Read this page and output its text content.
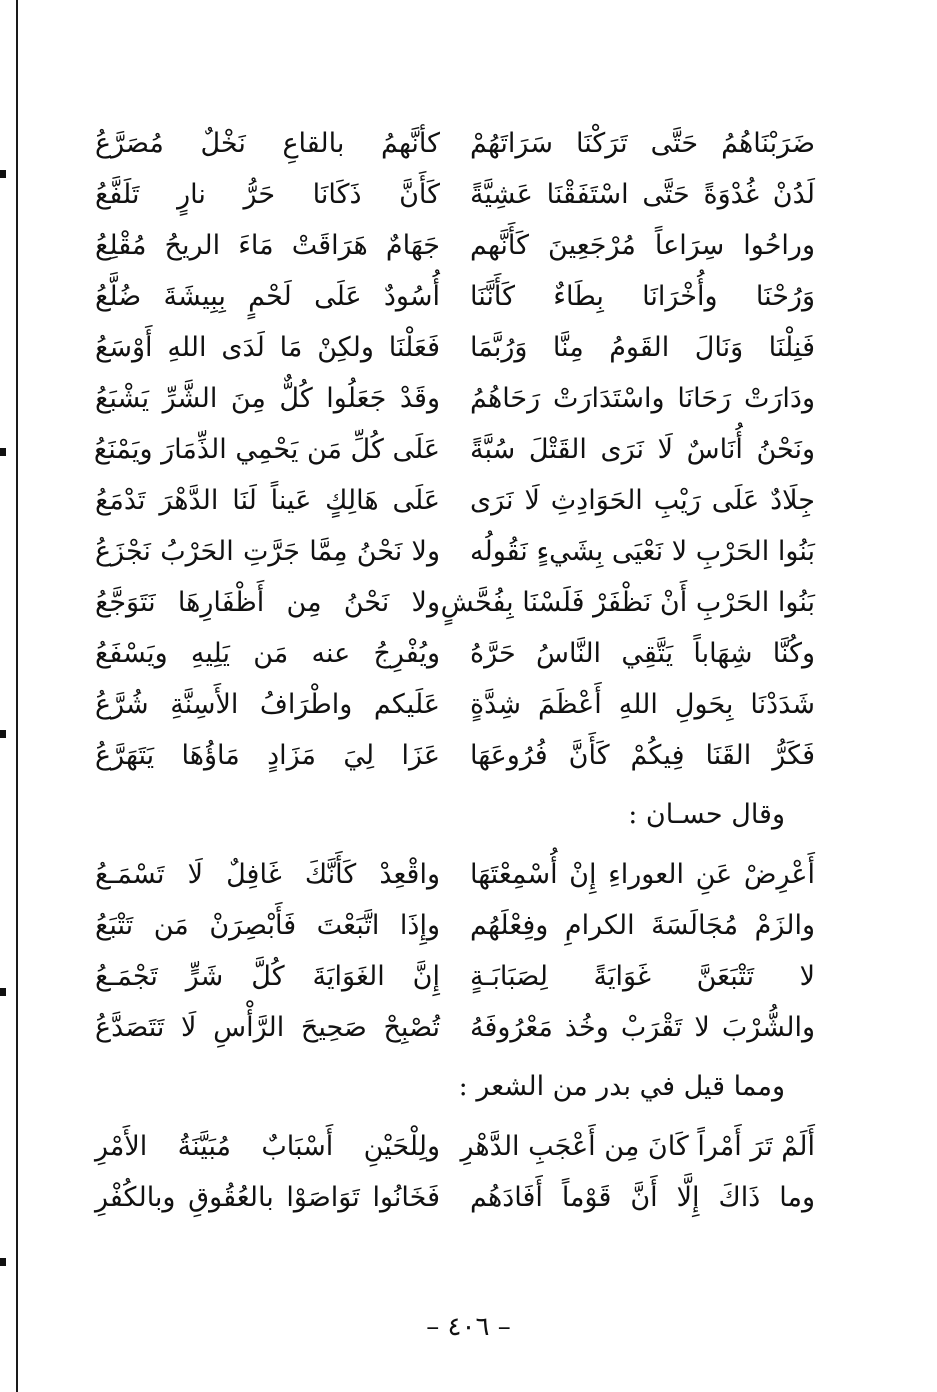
ضَرَبْنَاهُمُ حَتَّى تَرَكْنَا سَرَاتَهُمْ
كأنَّهمُ بالقاعِ نَخْلٌ مُصَرَّعُ
لَدُنْ غُدْوَةً حَتَّى اسْتَفَقْنَا عَشِيَّةً
كَأَنَّ ذَكَانَا حَرُّ نارٍ تَلَفَّعُ
وراحُوا سِرَاعاً مُرْجَعِينَ كَأَنَّهم
جَهَامٌ هَرَاقَتْ مَاءَ الريحُ مُقْلِعُ
وَرُحْنَا وأُخْرَانَا بِطَاءٌ كَأَنَّنَا
أُسُودٌ عَلَى لَحْمٍ بِبِيشَةَ ضُلَّعُ
فَنِلْنَا وَنَالَ القَومُ مِنَّا وَرُبَّمَا
فَعَلْنَا ولكِنْ مَا لَدَى اللهِ أَوْسَعُ
ودَارَتْ رَحَانَا واسْتَدَارَتْ رَحَاهُمُ
وقَدْ جَعَلُوا كُلٌّ مِنَ الشَّرِّ يَشْبَعُ
ونَحْنُ أُنَاسٌ لَا نَرَى القَتْلَ سُبَّةً
عَلَى كُلِّ مَن يَحْمِي الذِّمَارَ ويَمْنَعُ
جِلَادٌ عَلَى رَيْبِ الحَوَادِثِ لَا نَرَى
عَلَى هَالِكٍ عَيناً لَنَا الدَّهْرَ تَدْمَعُ
بَنُوا الحَرْبِ لا نَعْيَى بِشَيءٍ نَقُولُه
ولا نَحْنُ مِمَّا جَرَّتِ الحَرْبُ نَجْزَعُ
بَنُوا الحَرْبِ أَنْ نَظْفَرْ فَلَسْنَا بِفُحَّشٍ
ولا نَحْنُ مِن أَظْفَارِهَا نَتَوَجَّعُ
وكُنَّا شِهَاباً يَتَّقِي النَّاسُ حَرَّهُ
ويُفْرِجُ عنه مَن يَلِيهِ ويَسْفَعُ
شَدَدْنَا بِحَولِ اللهِ أَعْظَمَ شِدَّةٍ
عَلَيكم واطْرَافُ الأَسِنَّةِ شُرَّعُ
فَكَرُّ القَنَا فِيكُمْ كَأَنَّ فُرُوعَهَا
عَزَا لِيَ مَزَادٍ مَاؤُهَا يَتَهَرَّعُ
وقال حسـان :
أَعْرِضْ عَنِ العوراءِ إِنْ أُسْمِعْتَهَا
واقْعِدْ كَأَنَّكَ غَافِلٌ لَا تَسْمَـعُ
والزَمْ مُجَالَسَةَ الكرامِ وفِعْلَهُم
وإِذَا اتَّبَعْتَ فَأَبْصِرَنْ مَن تَتْبَعُ
لا تَتْبَعَنَّ غَوَايَةً لِصَبَابَـةٍ
إِنَّ الغَوَايَةَ كُلَّ شَرٍّ تَجْمَـعُ
والشُّرْبَ لا تَقْرَبْ وخُذ مَعْرُوفَهُ
تُصْبِحْ صَحِيحَ الرَّأْسِ لَا تَتَصَدَّعُ
ومما قيل في بدر من الشعر :
أَلَمْ تَرَ أَمْراً كَانَ مِن أَعْجَبِ الدَّهْرِ
ولِلْحَيْنِ أَسْبَابٌ مُبَيَّنَةُ الأَمْرِ
وما ذَاكَ إِلَّا أَنَّ قَوْماً أَفَادَهُم
فَخَانُوا تَوَاصَوْا بالعُقُوقِ وبالكُفْرِ
– ٤٠٦ –
